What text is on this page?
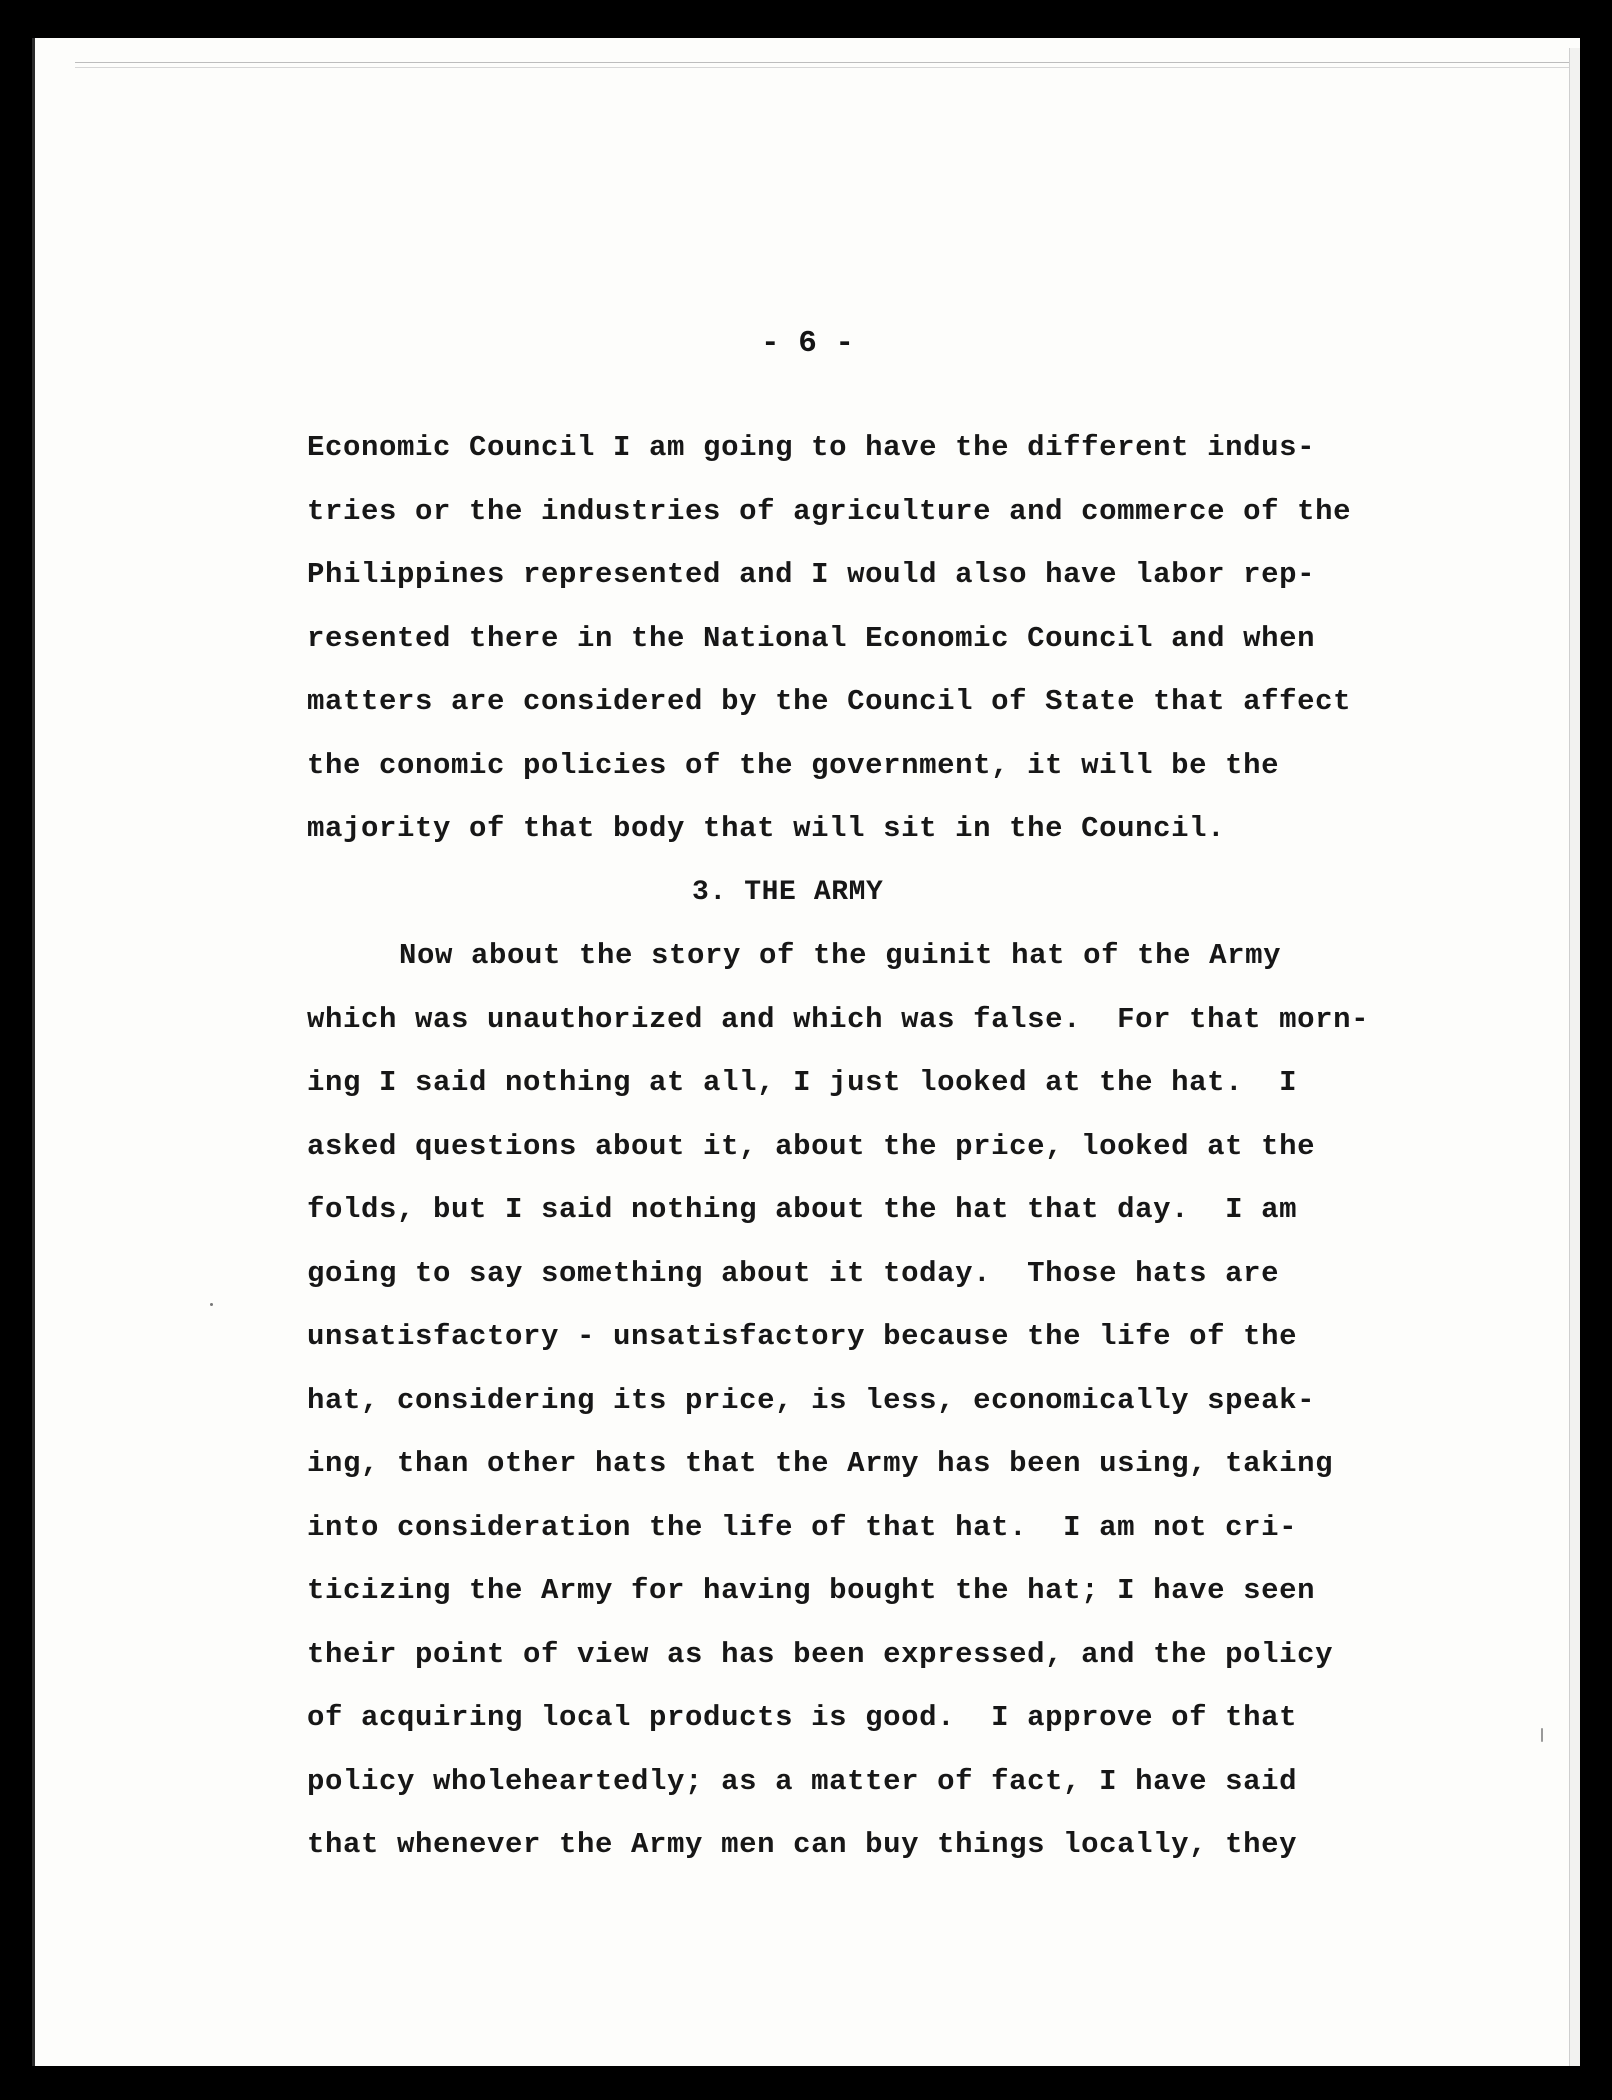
- 6 -
Economic Council I am going to have the different indus-
tries or the industries of agriculture and commerce of the
Philippines represented and I would also have labor rep-
resented there in the National Economic Council and when
matters are considered by the Council of State that affect
the conomic policies of the government, it will be the
majority of that body that will sit in the Council.
3. THE ARMY
Now about the story of the guinit hat of the Army
which was unauthorized and which was false.  For that morn-
ing I said nothing at all, I just looked at the hat.  I
asked questions about it, about the price, looked at the
folds, but I said nothing about the hat that day.  I am
going to say something about it today.  Those hats are
unsatisfactory - unsatisfactory because the life of the
hat, considering its price, is less, economically speak-
ing, than other hats that the Army has been using, taking
into consideration the life of that hat.  I am not cri-
ticizing the Army for having bought the hat; I have seen
their point of view as has been expressed, and the policy
of acquiring local products is good.  I approve of that
policy wholeheartedly; as a matter of fact, I have said
that whenever the Army men can buy things locally, they
